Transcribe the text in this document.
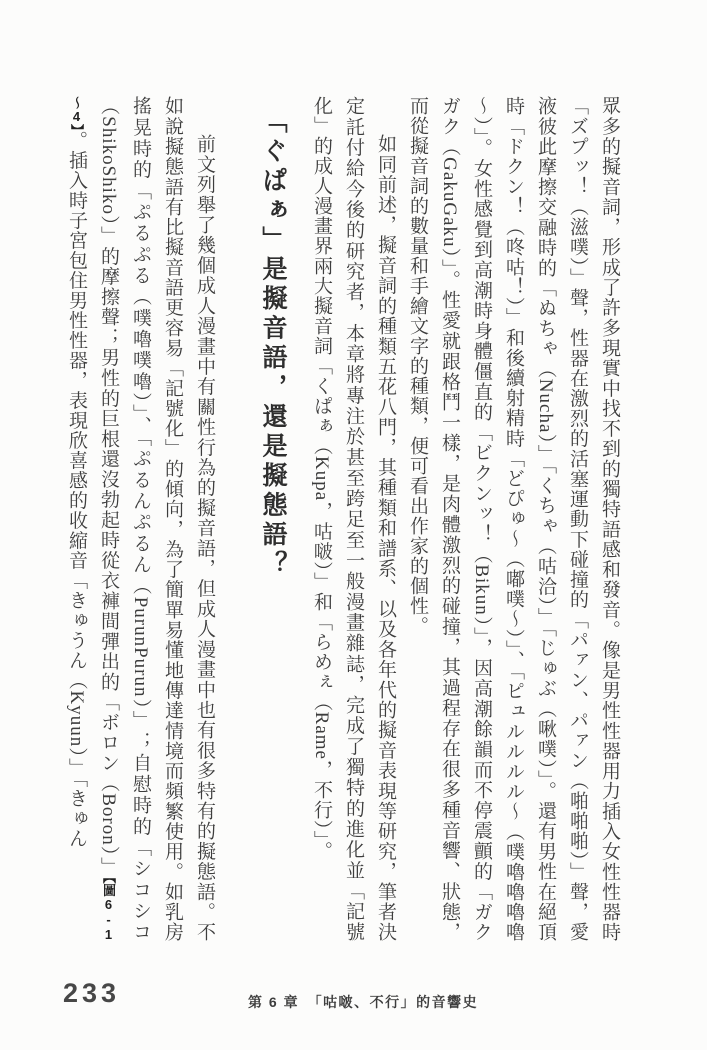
眾多的擬音詞，形成了許多現實中找不到的獨特語感和發音。像是男性性器用力插入女性性器時「ズプッ！（滋噗）」聲，性器在激烈的活塞運動下碰撞的「パァン、パァン（啪啪啪）」聲，愛液彼此摩擦交融時的「ぬちゃ（Nucha）」「くちゃ（咕洽）」「じゅぶ（啾噗）」。還有男性在絕頂時「ドクン！（咚咕！）」和後續射精時「どぴゅ～（嘟噗～）」、「ピュルルルル～（噗嚕嚕嚕嚕～）」。女性感覺到高潮時身體僵直的「ビクンッ！（Bikun）」，因高潮餘韻而不停震顫的「ガクガク（GakuGaku）」。性愛就跟格鬥一樣，是肉體激烈的碰撞，其過程存在很多種音響、狀態，而從擬音詞的數量和手繪文字的種類，便可看出作家的個性。

如同前述，擬音詞的種類五花八門，其種類和譜系、以及各年代的擬音表現等研究，筆者決定託付給今後的研究者，本章將專注於甚至跨足至一般漫畫雜誌，完成了獨特的進化並「記號化」的成人漫畫界兩大擬音詞「くぱぁ（Kupa，咕啵）」和「らめぇ（Rame，不行）」。

「ぐぱぁ」是擬音語，還是擬態語？

前文列舉了幾個成人漫畫中有關性行為的擬音語，但成人漫畫中也有很多特有的擬態語。不如說擬態語有比擬音語更容易「記號化」的傾向，為了簡單易懂地傳達情境而頻繁使用。如乳房搖晃時的「ぷるぷる（噗嚕噗嚕）」、「ぷるんぷるん（PurunPurun）」；自慰時的「シコシコ（ShikoShiko）」的摩擦聲；男性的巨根還沒勃起時從衣褲間彈出的「ボロン（Boron）」【圖6-1～4】。插入時子宮包住男性性器，表現欣喜感的收縮音「きゅうん（Kyuun）」「きゅん

233	第 6 章　「咕啵、不行」的音響史
